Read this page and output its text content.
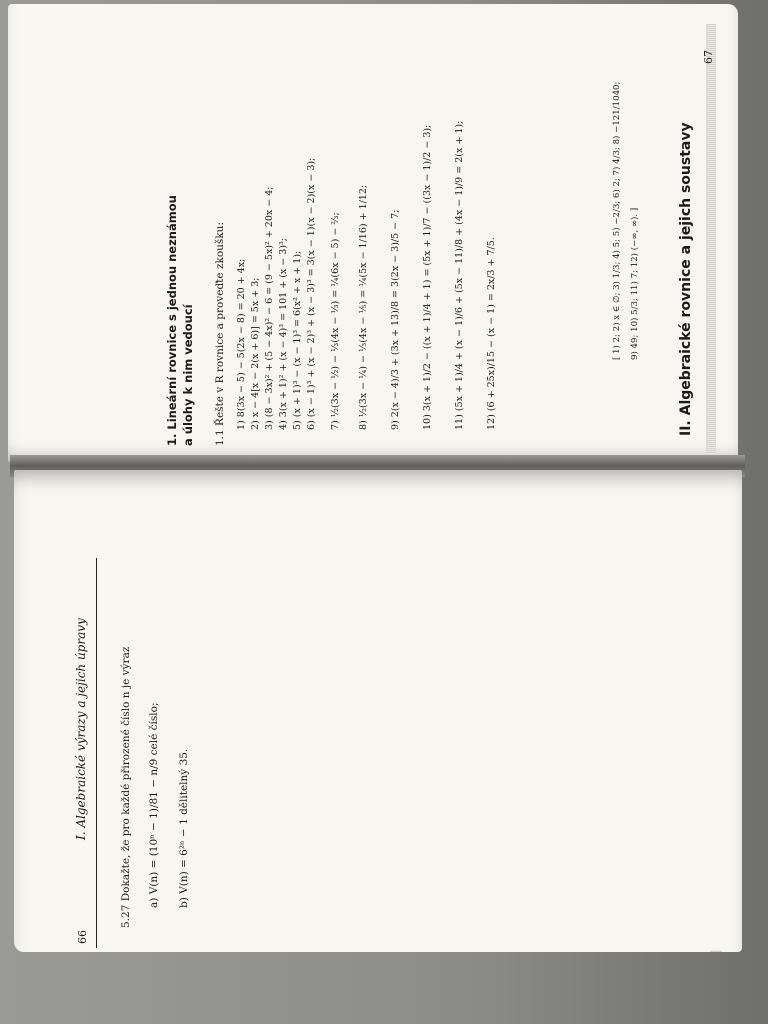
67
II. Algebraické rovnice a jejich soustavy
1. Lineární rovnice s jednou neznámou a úlohy k nim vedoucí 1.1 Řešte v R rovnice a proveďte zkoušku: 1) 8(3x − 5) − 5(2x − 8) = 20 + 4x; 2) x − 4[x − 2(x + 6)] = 5x + 3; 3) (8 − 3x)² + (5 − 4x)² − 6 = (9 − 5x)² + 20x − 4; 4) 3(x + 1)² + (x − 4)³ = 101 + (x − 3)³; 5) (x + 1)³ − (x − 1)³ = 6(x² + x + 1); 6) (x − 1)³ + (x − 2)³ + (x − 3)³ = 3(x − 1)(x − 2)(x − 3); 7) ½(3x − ½) − ⅓(4x − ⅓) = ¼(6x − 5) − ⅔; 8) ½(3x − ¼) − ⅓(4x − ⅕) = ¼(5x − 1/16) + 1/12; 9) 2(x − 4)/3 + (3x + 13)/8 = 3(2x − 3)/5 − 7; 10) 3(x + 1)/2 − ((x + 1)/4 + 1) = (5x + 1)/7 − ((3x − 1)/2 − 3); 11) (5x + 1)/4 + (x − 1)/6 + (5x − 11)/8 + (4x − 1)/9 = 2(x + 1); 12) (6 + 25x)/15 − (x − 1) = 2x/3 + 7/5.	[ 1) 2; 2) x ∈ ∅; 3) 1/3; 4) 5; 5) −2/3; 6) 2; 7) 4/3; 8) −121/1040; 9) 49; 10) 5/3; 11) 7; 12) (−∞, ∞). ]
66
I. Algebraické výrazy a jejich úpravy	5.27 Dokažte, že pro každé přirozené číslo n je výraz a) V(n) = (10ⁿ − 1)/81 − n/9 celé číslo; b) V(n) = 6²ⁿ − 1 dělitelný 35.
